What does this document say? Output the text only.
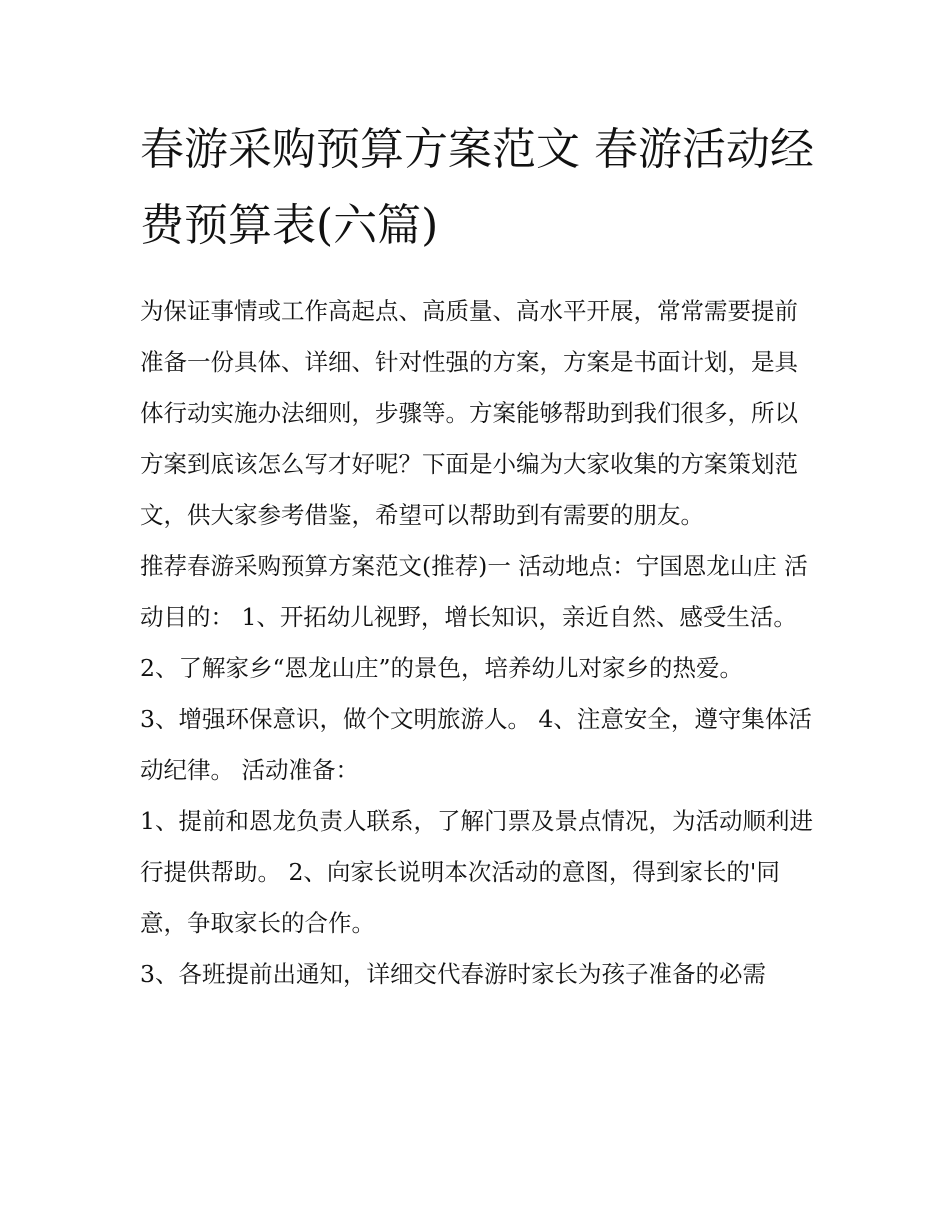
春游采购预算方案范文 春游活动经费预算表(六篇)

为保证事情或工作高起点、高质量、高水平开展，常常需要提前准备一份具体、详细、针对性强的方案，方案是书面计划，是具体行动实施办法细则，步骤等。方案能够帮助到我们很多，所以方案到底该怎么写才好呢？下面是小编为大家收集的方案策划范文，供大家参考借鉴，希望可以帮助到有需要的朋友。

推荐春游采购预算方案范文(推荐)一 活动地点：宁国恩龙山庄 活动目的： 1、开拓幼儿视野，增长知识，亲近自然、感受生活。

2、了解家乡“恩龙山庄”的景色，培养幼儿对家乡的热爱。

3、增强环保意识，做个文明旅游人。 4、注意安全，遵守集体活动纪律。 活动准备：

1、提前和恩龙负责人联系，了解门票及景点情况，为活动顺利进行提供帮助。 2、向家长说明本次活动的意图，得到家长的'同意，争取家长的合作。

3、各班提前出通知，详细交代春游时家长为孩子准备的必需
